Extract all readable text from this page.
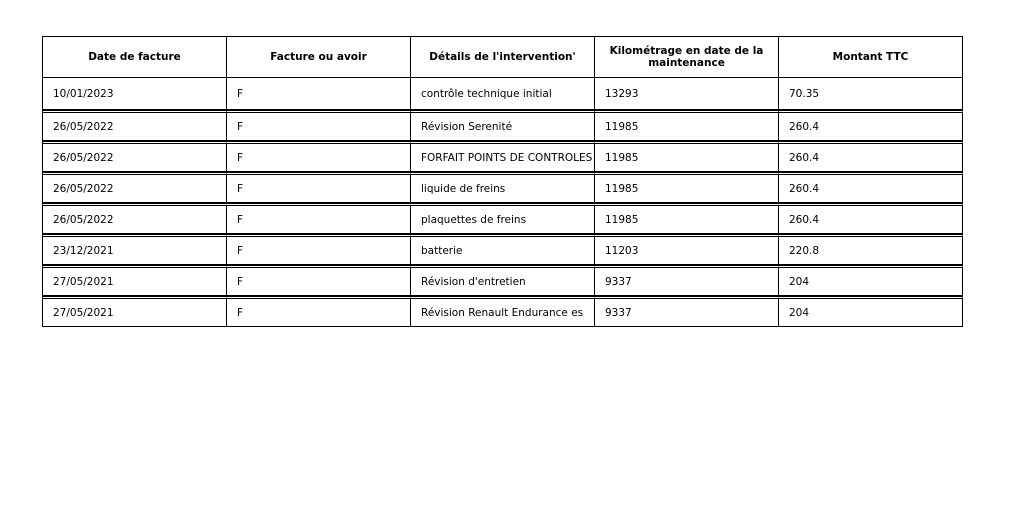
Date de facture	Facture ou avoir	Détails de l'intervention'	Kilométrage en date de la maintenance	Montant TTC
10/01/2023	F	contrôle technique initial	13293	70.35
26/05/2022	F	Révision Serenité	11985	260.4
26/05/2022	F	FORFAIT POINTS DE CONTROLES	11985	260.4
26/05/2022	F	liquide de freins	11985	260.4
26/05/2022	F	plaquettes de freins	11985	260.4
23/12/2021	F	batterie	11203	220.8
27/05/2021	F	Révision d'entretien	9337	204
27/05/2021	F	Révision Renault Endurance es	9337	204
